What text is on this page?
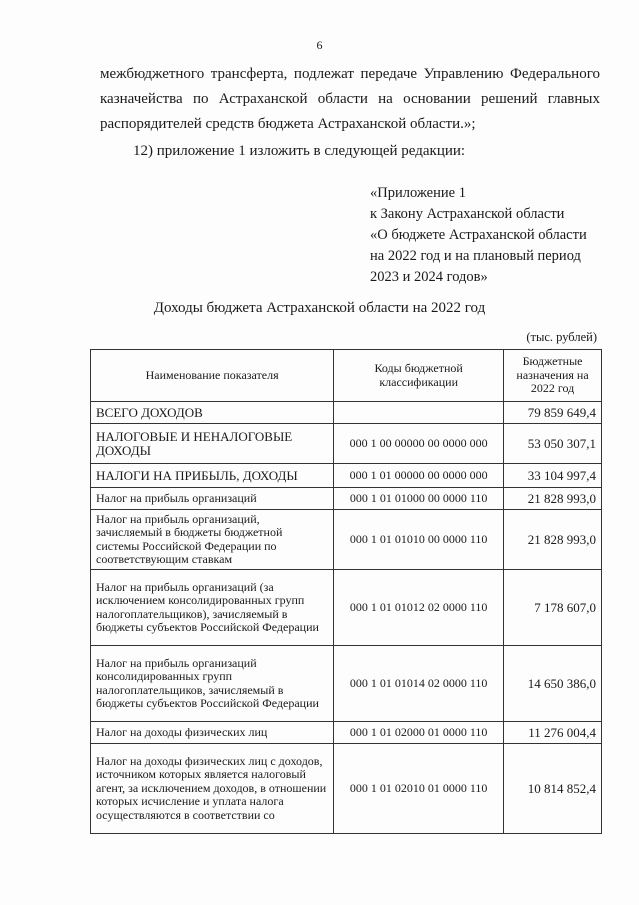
6

межбюджетного трансферта, подлежат передаче Управлению Федерального

казначейства по Астраханской области на основании решений главных

распорядителей средств бюджета Астраханской области.»;

12) приложение 1 изложить в следующей редакции:

«Приложение 1
к Закону Астраханской области
«О бюджете Астраханской области
на 2022 год и на плановый период
2023 и 2024 годов»
Доходы бюджета Астраханской области на 2022 год
(тыс. рублей)
Наименование показателя	Коды бюджетной классификации	Бюджетные назначения на 2022 год
ВСЕГО ДОХОДОВ		79 859 649,4
НАЛОГОВЫЕ И НЕНАЛОГОВЫЕ ДОХОДЫ	000 1 00 00000 00 0000 000	53 050 307,1
НАЛОГИ НА ПРИБЫЛЬ, ДОХОДЫ	000 1 01 00000 00 0000 000	33 104 997,4
Налог на прибыль организаций	000 1 01 01000 00 0000 110	21 828 993,0
Налог на прибыль организаций, зачисляемый в бюджеты бюджетной системы Российской Федерации по соответствующим ставкам	000 1 01 01010 00 0000 110	21 828 993,0
Налог на прибыль организаций (за исключением консолидированных групп налогоплательщиков), зачисляемый в бюджеты субъектов Российской Федерации	000 1 01 01012 02 0000 110	7 178 607,0
Налог на прибыль организаций консолидированных групп налогоплательщиков, зачисляемый в бюджеты субъектов Российской Федерации	000 1 01 01014 02 0000 110	14 650 386,0
Налог на доходы физических лиц	000 1 01 02000 01 0000 110	11 276 004,4
Налог на доходы физических лиц с доходов, источником которых является налоговый агент, за исключением доходов, в отношении которых исчисление и уплата налога осуществляются в соответствии со	000 1 01 02010 01 0000 110	10 814 852,4
